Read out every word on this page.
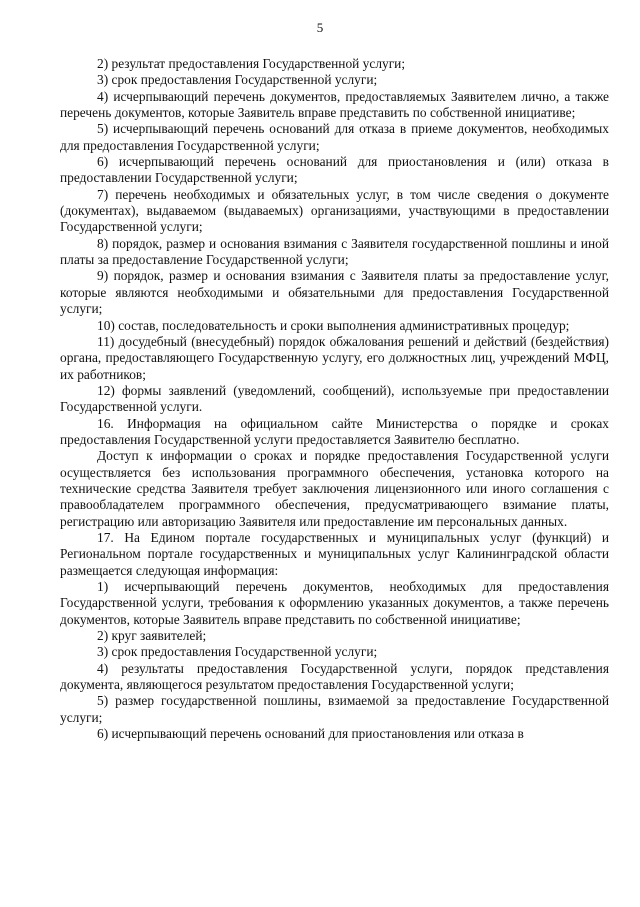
5

2) результат предоставления Государственной услуги;

3) срок предоставления Государственной услуги;

4) исчерпывающий перечень документов, предоставляемых Заявителем лично, а также перечень документов, которые Заявитель вправе представить по собственной инициативе;

5) исчерпывающий перечень оснований для отказа в приеме документов, необходимых для предоставления Государственной услуги;

6) исчерпывающий перечень оснований для приостановления и (или) отказа в предоставлении Государственной услуги;

7) перечень необходимых и обязательных услуг, в том числе сведения о документе (документах), выдаваемом (выдаваемых) организациями, участвующими в предоставлении Государственной услуги;

8) порядок, размер и основания взимания с Заявителя государственной пошлины и иной платы за предоставление Государственной услуги;

9) порядок, размер и основания взимания с Заявителя платы за предоставление услуг, которые являются необходимыми и обязательными для предоставления Государственной услуги;

10) состав, последовательность и сроки выполнения административных процедур;

11) досудебный (внесудебный) порядок обжалования решений и действий (бездействия) органа, предоставляющего Государственную услугу, его должностных лиц, учреждений МФЦ, их работников;

12) формы заявлений (уведомлений, сообщений), используемые при предоставлении Государственной услуги.

16. Информация на официальном сайте Министерства о порядке и сроках предоставления Государственной услуги предоставляется Заявителю бесплатно.

Доступ к информации о сроках и порядке предоставления Государственной услуги осуществляется без использования программного обеспечения, установка которого на технические средства Заявителя требует заключения лицензионного или иного соглашения с правообладателем программного обеспечения, предусматривающего взимание платы, регистрацию или авторизацию Заявителя или предоставление им персональных данных.

17. На Едином портале государственных и муниципальных услуг (функций) и Региональном портале государственных и муниципальных услуг Калининградской области размещается следующая информация:

1) исчерпывающий перечень документов, необходимых для предоставления Государственной услуги, требования к оформлению указанных документов, а также перечень документов, которые Заявитель вправе представить по собственной инициативе;

2) круг заявителей;

3) срок предоставления Государственной услуги;

4) результаты предоставления Государственной услуги, порядок представления документа, являющегося результатом предоставления Государственной услуги;

5) размер государственной пошлины, взимаемой за предоставление Государственной услуги;

6) исчерпывающий перечень оснований для приостановления или отказа в
